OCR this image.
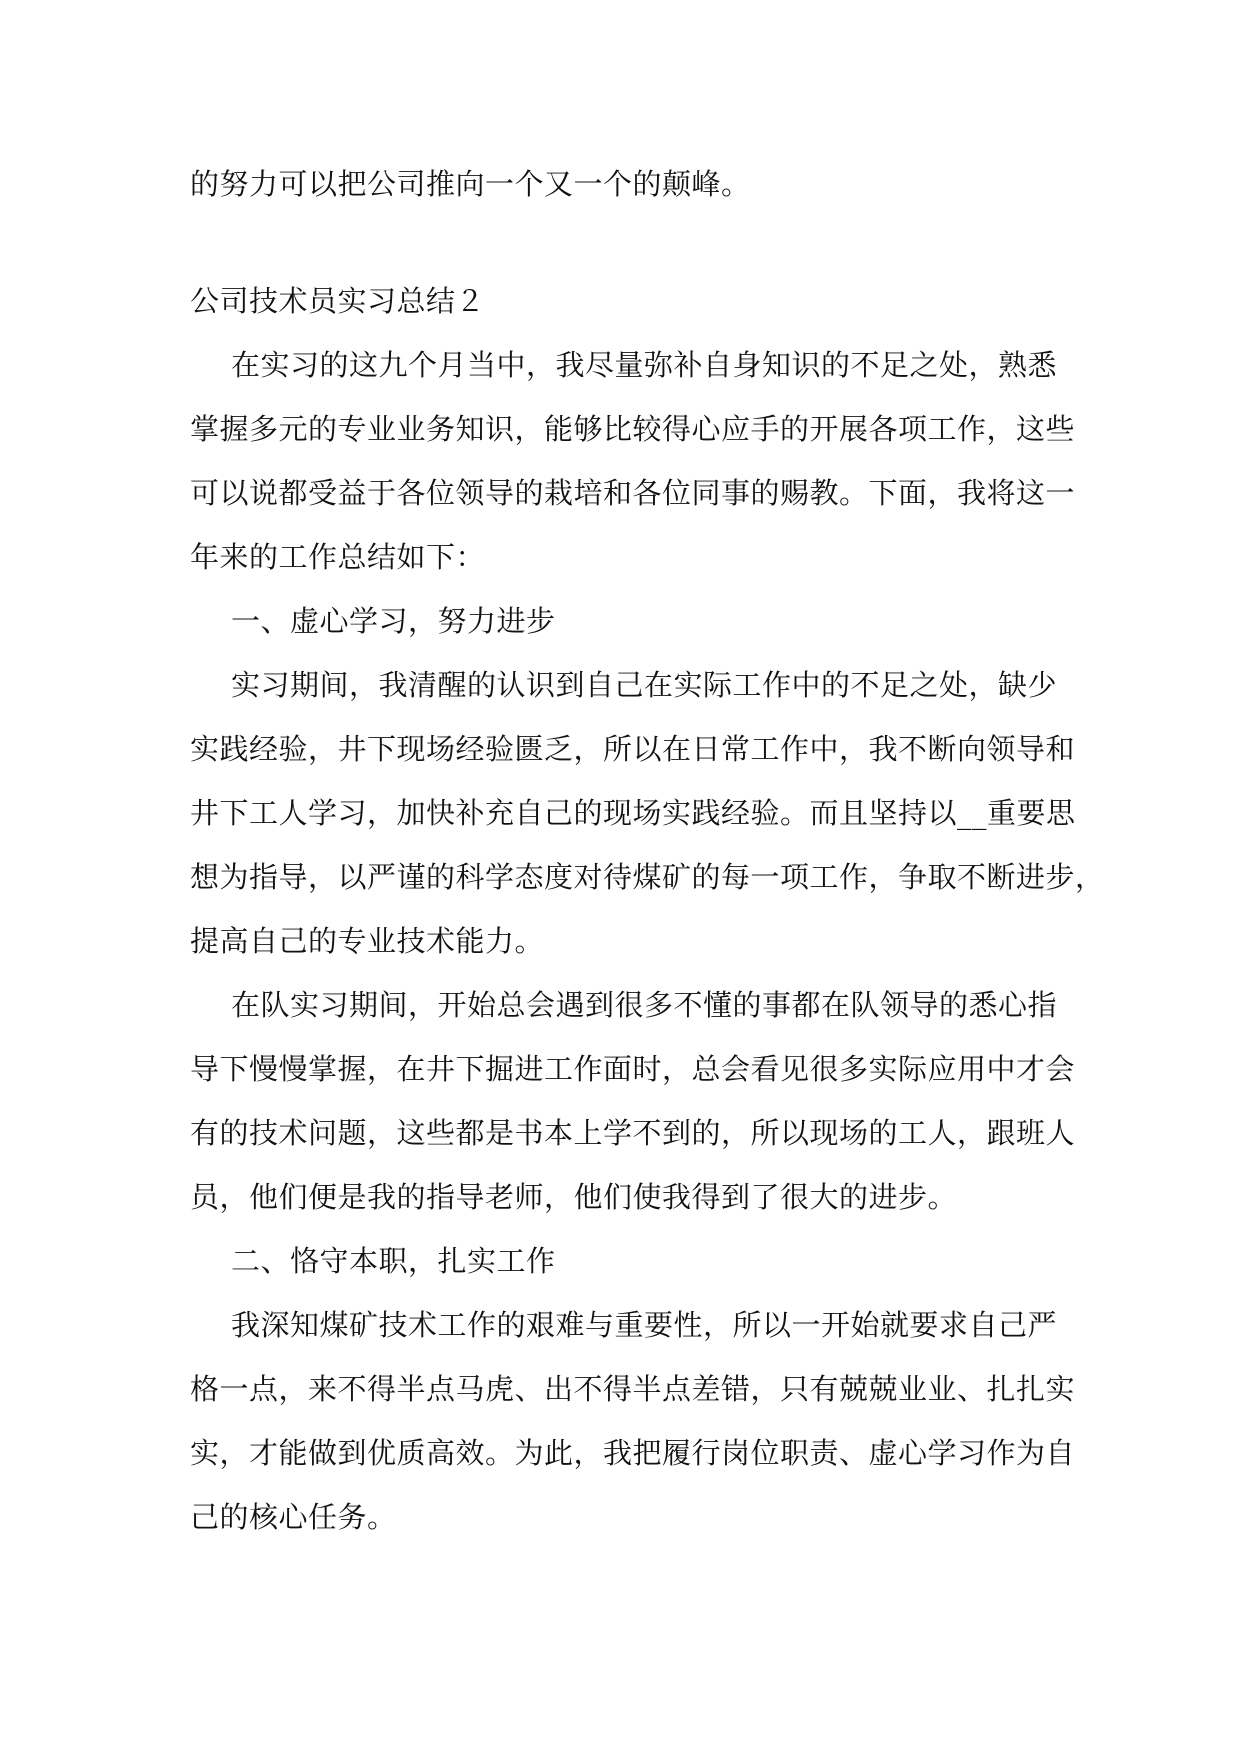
的努力可以把公司推向一个又一个的颠峰。
公司技术员实习总结２
在实习的这九个月当中，我尽量弥补自身知识的不足之处，熟悉
掌握多元的专业业务知识，能够比较得心应手的开展各项工作，这些
可以说都受益于各位领导的栽培和各位同事的赐教。下面，我将这一
年来的工作总结如下：
一、虚心学习，努力进步
实习期间，我清醒的认识到自己在实际工作中的不足之处，缺少
实践经验，井下现场经验匮乏，所以在日常工作中，我不断向领导和
井下工人学习，加快补充自己的现场实践经验。而且坚持以__重要思
想为指导，以严谨的科学态度对待煤矿的每一项工作，争取不断进步，
提高自己的专业技术能力。
在队实习期间，开始总会遇到很多不懂的事都在队领导的悉心指
导下慢慢掌握，在井下掘进工作面时，总会看见很多实际应用中才会
有的技术问题，这些都是书本上学不到的，所以现场的工人，跟班人
员，他们便是我的指导老师，他们使我得到了很大的进步。
二、恪守本职，扎实工作
我深知煤矿技术工作的艰难与重要性，所以一开始就要求自己严
格一点，来不得半点马虎、出不得半点差错，只有兢兢业业、扎扎实
实，才能做到优质高效。为此，我把履行岗位职责、虚心学习作为自
己的核心任务。
